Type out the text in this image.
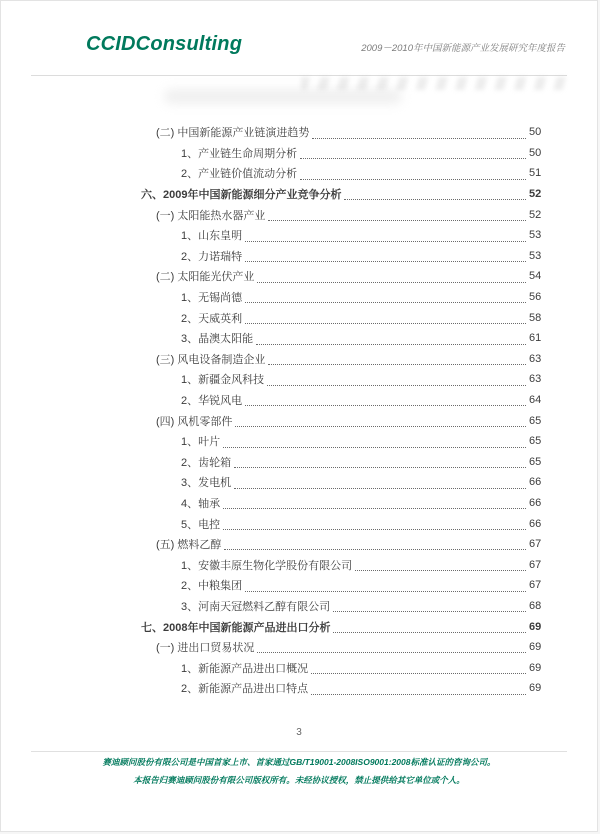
CCIDConsulting	2009－2010年中国新能源产业发展研究年度报告
(二) 中国新能源产业链演进趋势	50
1、产业链生命周期分析	50
2、产业链价值流动分析	51
六、2009年中国新能源细分产业竞争分析	52
(一) 太阳能热水器产业	52
1、山东皇明	53
2、力诺瑞特	53
(二) 太阳能光伏产业	54
1、无锡尚德	56
2、天威英利	58
3、晶澳太阳能	61
(三) 风电设备制造企业	63
1、新疆金风科技	63
2、华锐风电	64
(四) 风机零部件	65
1、叶片	65
2、齿轮箱	65
3、发电机	66
4、轴承	66
5、电控	66
(五) 燃料乙醇	67
1、安徽丰原生物化学股份有限公司	67
2、中粮集团	67
3、河南天冠燃料乙醇有限公司	68
七、2008年中国新能源产品进出口分析	69
(一) 进出口贸易状况	69
1、新能源产品进出口概况	69
2、新能源产品进出口特点	69
3
赛迪顾问股份有限公司是中国首家上市、首家通过GB/T19001-2008ISO9001:2008标准认证的咨询公司。
本报告归赛迪顾问股份有限公司版权所有。未经协议授权，禁止提供给其它单位或个人。
